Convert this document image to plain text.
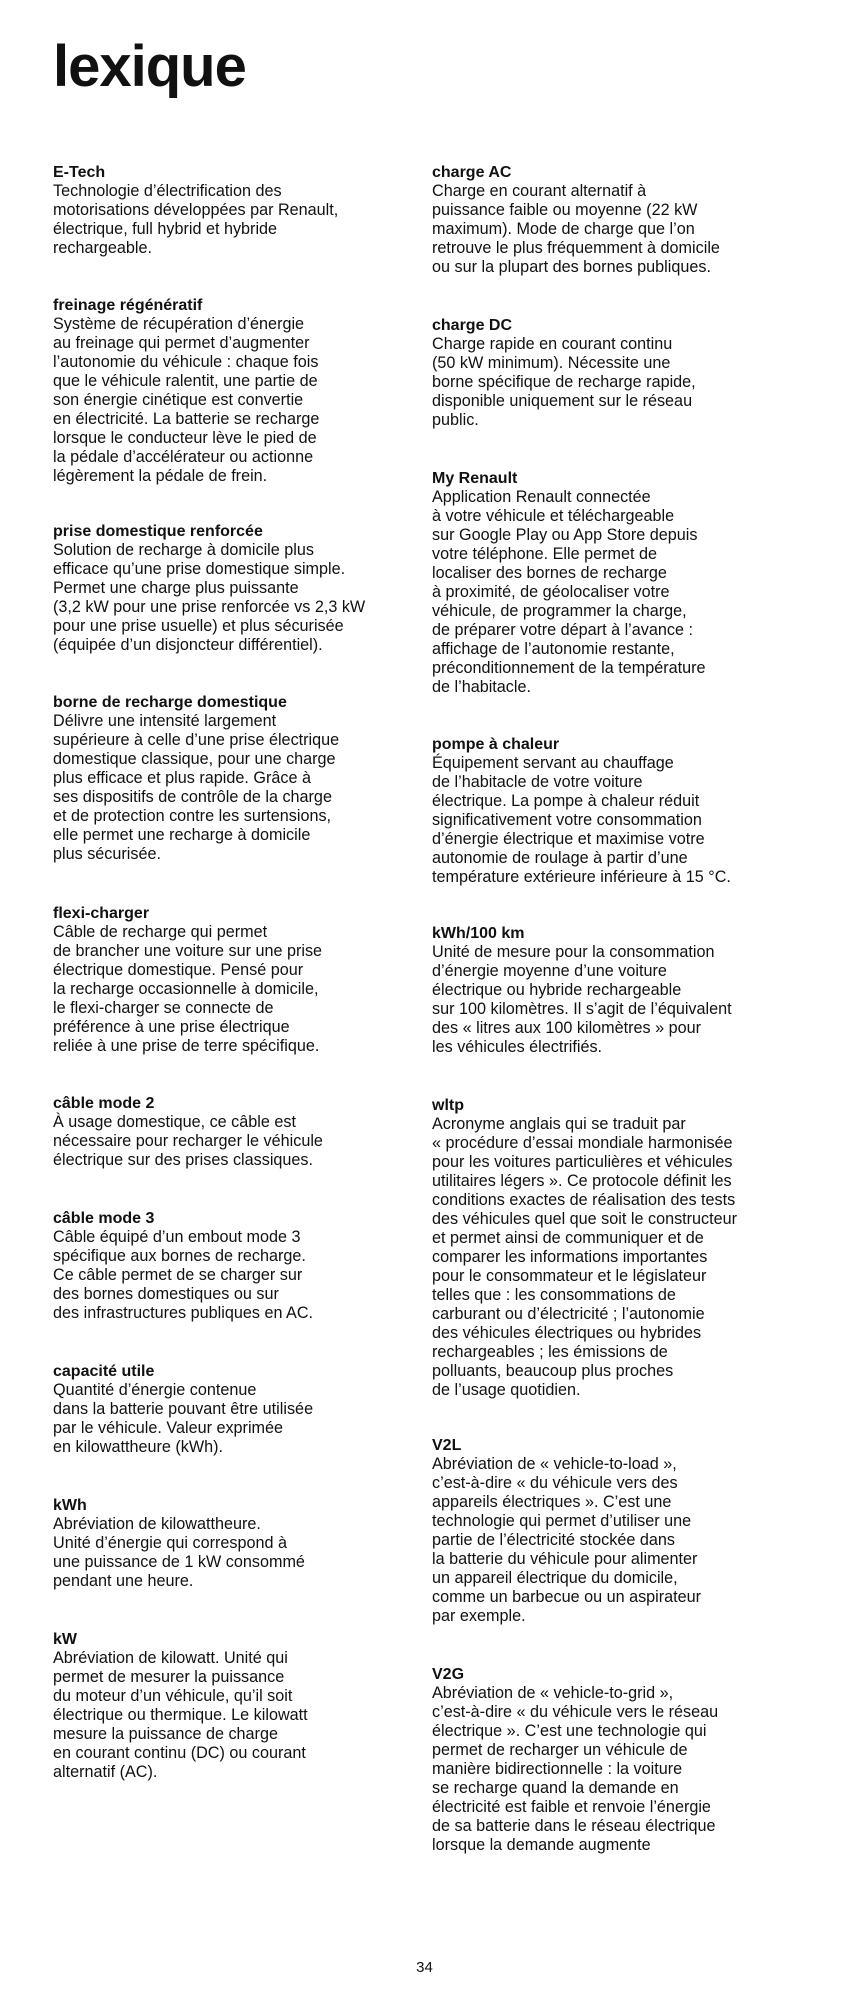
lexique

E-Tech

Technologie d’électrification des
motorisations développées par Renault,
électrique, full hybrid et hybride
rechargeable.

freinage régénératif

Système de récupération d’énergie
au freinage qui permet d’augmenter
l’autonomie du véhicule : chaque fois
que le véhicule ralentit, une partie de
son énergie cinétique est convertie
en électricité. La batterie se recharge
lorsque le conducteur lève le pied de
la pédale d’accélérateur ou actionne
légèrement la pédale de frein.

prise domestique renforcée

Solution de recharge à domicile plus
efficace qu’une prise domestique simple.
Permet une charge plus puissante
(3,2 kW pour une prise renforcée vs 2,3 kW
pour une prise usuelle) et plus sécurisée
(équipée d’un disjoncteur différentiel).

borne de recharge domestique

Délivre une intensité largement
supérieure à celle d’une prise électrique
domestique classique, pour une charge
plus efficace et plus rapide. Grâce à
ses dispositifs de contrôle de la charge
et de protection contre les surtensions,
elle permet une recharge à domicile
plus sécurisée.

flexi-charger

Câble de recharge qui permet
de brancher une voiture sur une prise
électrique domestique. Pensé pour
la recharge occasionnelle à domicile,
le flexi-charger se connecte de
préférence à une prise électrique
reliée à une prise de terre spécifique.

câble mode 2

À usage domestique, ce câble est
nécessaire pour recharger le véhicule
électrique sur des prises classiques.

câble mode 3

Câble équipé d’un embout mode 3
spécifique aux bornes de recharge.
Ce câble permet de se charger sur
des bornes domestiques ou sur
des infrastructures publiques en AC.

capacité utile

Quantité d’énergie contenue
dans la batterie pouvant être utilisée
par le véhicule. Valeur exprimée
en kilowattheure (kWh).

kWh

Abréviation de kilowattheure.
Unité d’énergie qui correspond à
une puissance de 1 kW consommé
pendant une heure.

kW

Abréviation de kilowatt. Unité qui
permet de mesurer la puissance
du moteur d’un véhicule, qu’il soit
électrique ou thermique. Le kilowatt
mesure la puissance de charge
en courant continu (DC) ou courant
alternatif (AC).

charge AC

Charge en courant alternatif à
puissance faible ou moyenne (22 kW
maximum). Mode de charge que l’on
retrouve le plus fréquemment à domicile
ou sur la plupart des bornes publiques.

charge DC

Charge rapide en courant continu
(50 kW minimum). Nécessite une
borne spécifique de recharge rapide,
disponible uniquement sur le réseau
public.

My Renault

Application Renault connectée
à votre véhicule et téléchargeable
sur Google Play ou App Store depuis
votre téléphone. Elle permet de
localiser des bornes de recharge
à proximité, de géolocaliser votre
véhicule, de programmer la charge,
de préparer votre départ à l’avance :
affichage de l’autonomie restante,
préconditionnement de la température
de l’habitacle.

pompe à chaleur

Équipement servant au chauffage
de l’habitacle de votre voiture
électrique. La pompe à chaleur réduit
significativement votre consommation
d’énergie électrique et maximise votre
autonomie de roulage à partir d’une
température extérieure inférieure à 15 °C.

kWh/100 km

Unité de mesure pour la consommation
d’énergie moyenne d’une voiture
électrique ou hybride rechargeable
sur 100 kilomètres. Il s’agit de l’équivalent
des « litres aux 100 kilomètres » pour
les véhicules électrifiés.

wltp

Acronyme anglais qui se traduit par
« procédure d’essai mondiale harmonisée
pour les voitures particulières et véhicules
utilitaires légers ». Ce protocole définit les
conditions exactes de réalisation des tests
des véhicules quel que soit le constructeur
et permet ainsi de communiquer et de
comparer les informations importantes
pour le consommateur et le législateur
telles que : les consommations de
carburant ou d’électricité ; l’autonomie
des véhicules électriques ou hybrides
rechargeables ; les émissions de
polluants, beaucoup plus proches
de l’usage quotidien.

V2L

Abréviation de « vehicle-to-load »,
c’est-à-dire « du véhicule vers des
appareils électriques ». C’est une
technologie qui permet d’utiliser une
partie de l’électricité stockée dans
la batterie du véhicule pour alimenter
un appareil électrique du domicile,
comme un barbecue ou un aspirateur
par exemple.

V2G

Abréviation de « vehicle-to-grid »,
c’est-à-dire « du véhicule vers le réseau
électrique ». C’est une technologie qui
permet de recharger un véhicule de
manière bidirectionnelle : la voiture
se recharge quand la demande en
électricité est faible et renvoie l’énergie
de sa batterie dans le réseau électrique
lorsque la demande augmente

34
